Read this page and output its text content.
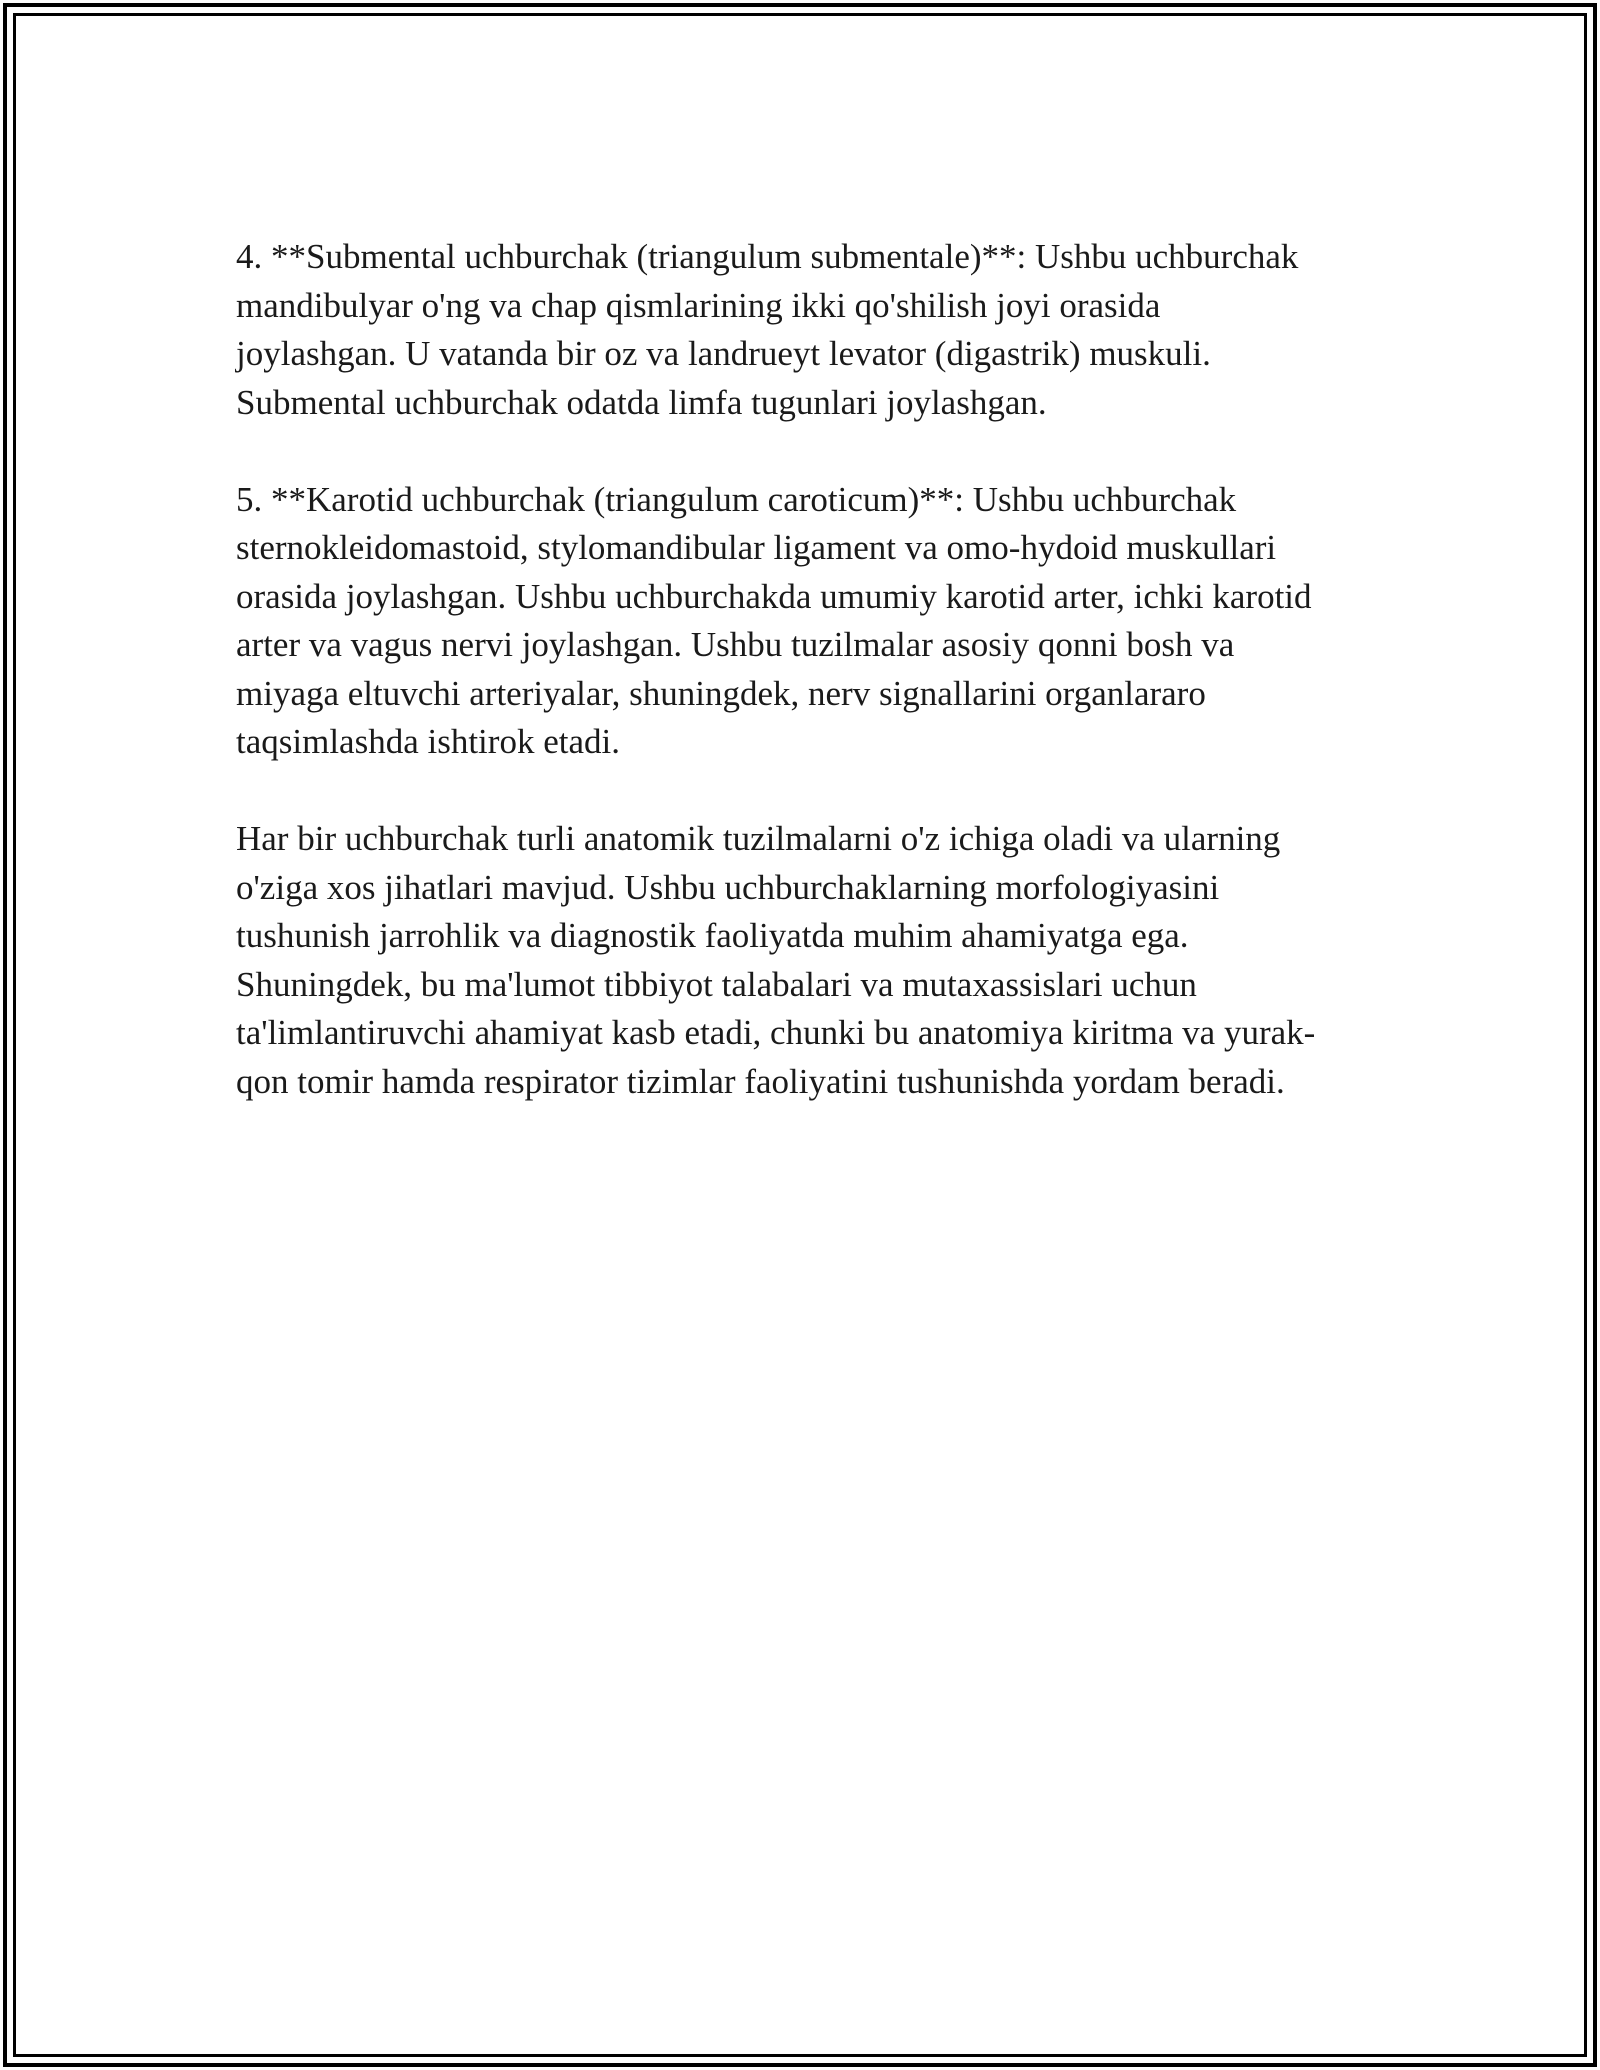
4. **Submental uchburchak (triangulum submentale)**: Ushbu uchburchak
mandibulyar o'ng va chap qismlarining ikki qo'shilish joyi orasida
joylashgan. U vatanda bir oz va landrueyt levator (digastrik) muskuli.
Submental uchburchak odatda limfa tugunlari joylashgan.

5. **Karotid uchburchak (triangulum caroticum)**: Ushbu uchburchak
sternokleidomastoid, stylomandibular ligament va omo-hydoid muskullari
orasida joylashgan. Ushbu uchburchakda umumiy karotid arter, ichki karotid
arter va vagus nervi joylashgan. Ushbu tuzilmalar asosiy qonni bosh va
miyaga eltuvchi arteriyalar, shuningdek, nerv signallarini organlararo
taqsimlashda ishtirok etadi.

Har bir uchburchak turli anatomik tuzilmalarni o'z ichiga oladi va ularning
o'ziga xos jihatlari mavjud. Ushbu uchburchaklarning morfologiyasini
tushunish jarrohlik va diagnostik faoliyatda muhim ahamiyatga ega.
Shuningdek, bu ma'lumot tibbiyot talabalari va mutaxassislari uchun
ta'limlantiruvchi ahamiyat kasb etadi, chunki bu anatomiya kiritma va yurak-
qon tomir hamda respirator tizimlar faoliyatini tushunishda yordam beradi.
